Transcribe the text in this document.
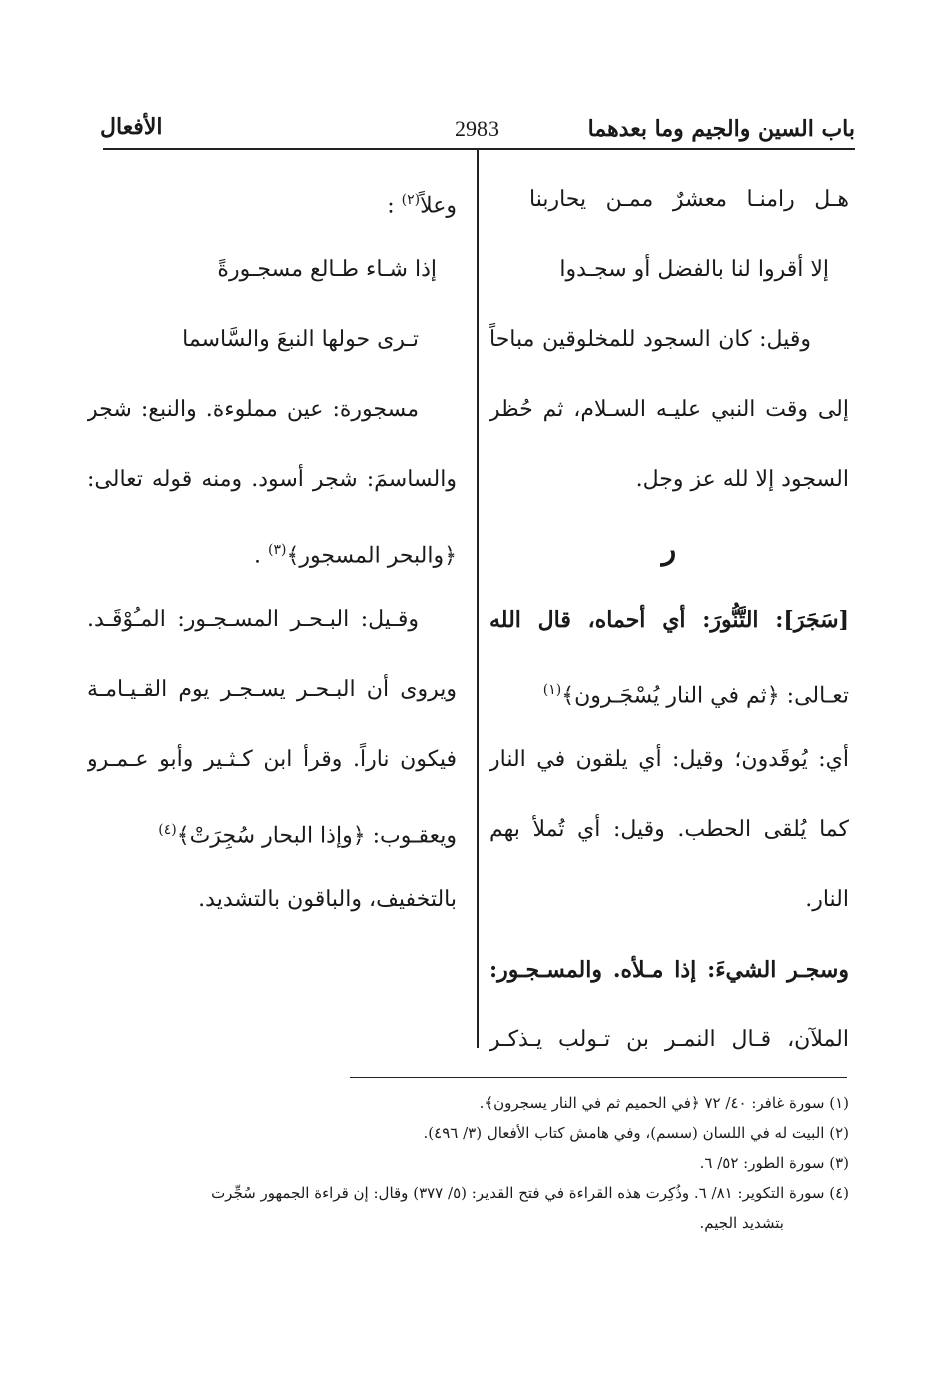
باب السين والجيم وما بعدهما
2983
الأفعال
هـل رامنـا معشرٌ ممـن يحاربنا
إلا أقروا لنا بالفضل أو سجـدوا
وقيل: كان السجود للمخلوقين مباحاً
إلى وقت النبي عليـه السـلام، ثم حُظر
السجود إلا لله عز وجل.
ر
[سَجَرَ]: التَّنُّورَ: أي أحماه، قال الله
تعـالى: ﴿ثم في النار يُسْجَـرون﴾$^{(١)}$
أي: يُوقَدون؛ وقيل: أي يلقون في النار
كما يُلقى الحطب. وقيل: أي تُملأ بهم
النار.
وسجـر الشيءَ: إذا مـلأه. والمسـجـور:
الملآن، قـال النمـر بن تـولب يـذكـر
وعلاً$^{(٢)}$ :
إذا شـاء طـالع مسجـورةً
تـرى حولها النبعَ والسَّاسما
مسجورة: عين مملوءة. والنبع: شجر
والساسمَ: شجر أسود. ومنه قوله تعالى:
﴿والبحر المسجور﴾$^{(٣)}$ .
وقـيل: البـحـر المسـجـور: المـُوْقَـد.
ويروى أن البـحـر يسـجـر يوم القـيـامـة
فيكون ناراً. وقرأ ابن كـثـير وأبو عـمـرو
ويعقـوب: ﴿وإذا البحار سُجِرَتْ﴾$^{(٤)}$
بالتخفيف، والباقون بالتشديد.
(١) سورة غافر: ٤٠/ ٧٢ ﴿في الحميم ثم في النار يسجرون﴾.
(٢) البيت له في اللسان (سسم)، وفي هامش كتاب الأفعال (٣/ ٤٩٦).
(٣) سورة الطور: ٥٢/ ٦.
(٤) سورة التكوير: ٨١/ ٦. وذُكِرت هذه القراءة في فتح القدير: (٥/ ٣٧٧) وقال: إن قراءة الجمهور سُجِّرت
بتشديد الجيم.
